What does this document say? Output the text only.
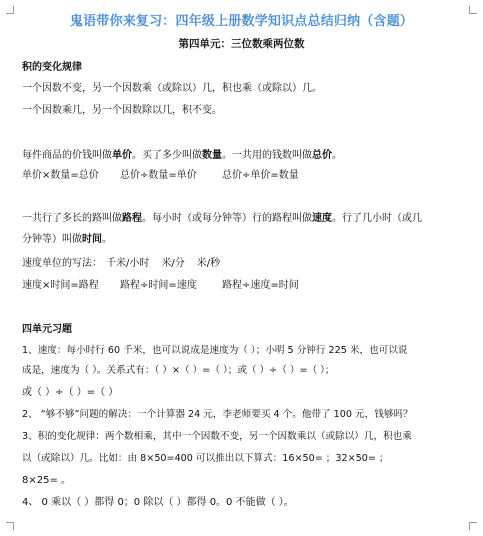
鬼语带你来复习：四年级上册数学知识点总结归纳（含题）
第四单元：三位数乘两位数
积的变化规律
一个因数不变，另一个因数乘（或除以）几，积也乘（或除以）几。
一个因数乘几，另一个因数除以几，积不变。
每件商品的价钱叫做单价。买了多少叫做数量。一共用的钱数叫做总价。
单价×数量=总价 总价÷数量=单价	总价÷单价=数量
一共行了多长的路叫做路程。每小时（或每分钟等）行的路程叫做速度。行了几小时（或几
分钟等）叫做时间。
速度单位的写法： 千米/小时 米/分 米/秒
速度×时间=路程 路程÷时间=速度	路程÷速度=时间
四单元习题
1、速度：每小时行 60 千米，也可以说成是速度为（ ）；小明 5 分钟行 225 米，也可以说
成是，速度为（ ）。关系式有：（ ）×（ ）=（ ）；或（ ）÷（ ）=（ ）；
或（ ）÷（ ）=（ ）
2、 “够不够”问题的解决：一个计算器 24 元，李老师要买 4 个。他带了 100 元，钱够吗？
3、积的变化规律：两个数相乘，其中一个因数不变，另一个因数乘以（或除以）几，积也乘
以（或除以）几。比如：由 8×50=400 可以推出以下算式：16×50= ；32×50= ；
8×25= 。
4、 0 乘以（ ）都得 0；0 除以（ ）都得 0。0 不能做（ ）。
